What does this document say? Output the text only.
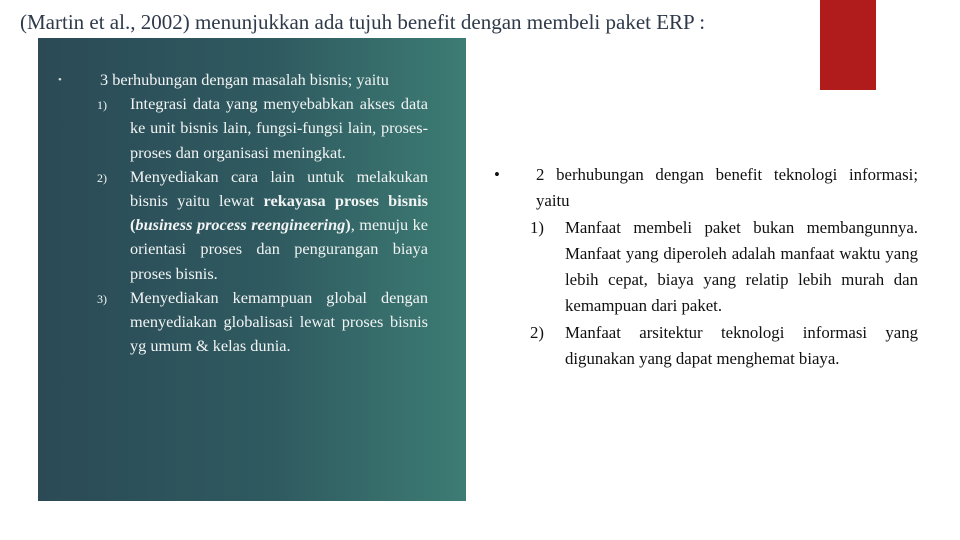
(Martin et al., 2002) menunjukkan ada tujuh benefit dengan membeli paket ERP :
• 3 berhubungan dengan masalah bisnis; yaitu
1) Integrasi data yang menyebabkan akses data ke unit bisnis lain, fungsi-fungsi lain, proses-proses dan organisasi meningkat.
2) Menyediakan cara lain untuk melakukan bisnis yaitu lewat rekayasa proses bisnis (business process reengineering), menuju ke orientasi proses dan pengurangan biaya proses bisnis.
3) Menyediakan kemampuan global dengan menyediakan globalisasi lewat proses bisnis yg umum & kelas dunia.
• 2 berhubungan dengan benefit teknologi informasi; yaitu
1) Manfaat membeli paket bukan membangunnya. Manfaat yang diperoleh adalah manfaat waktu yang lebih cepat, biaya yang relatip lebih murah dan kemampuan dari paket.
2) Manfaat arsitektur teknologi informasi yang digunakan yang dapat menghemat biaya.
